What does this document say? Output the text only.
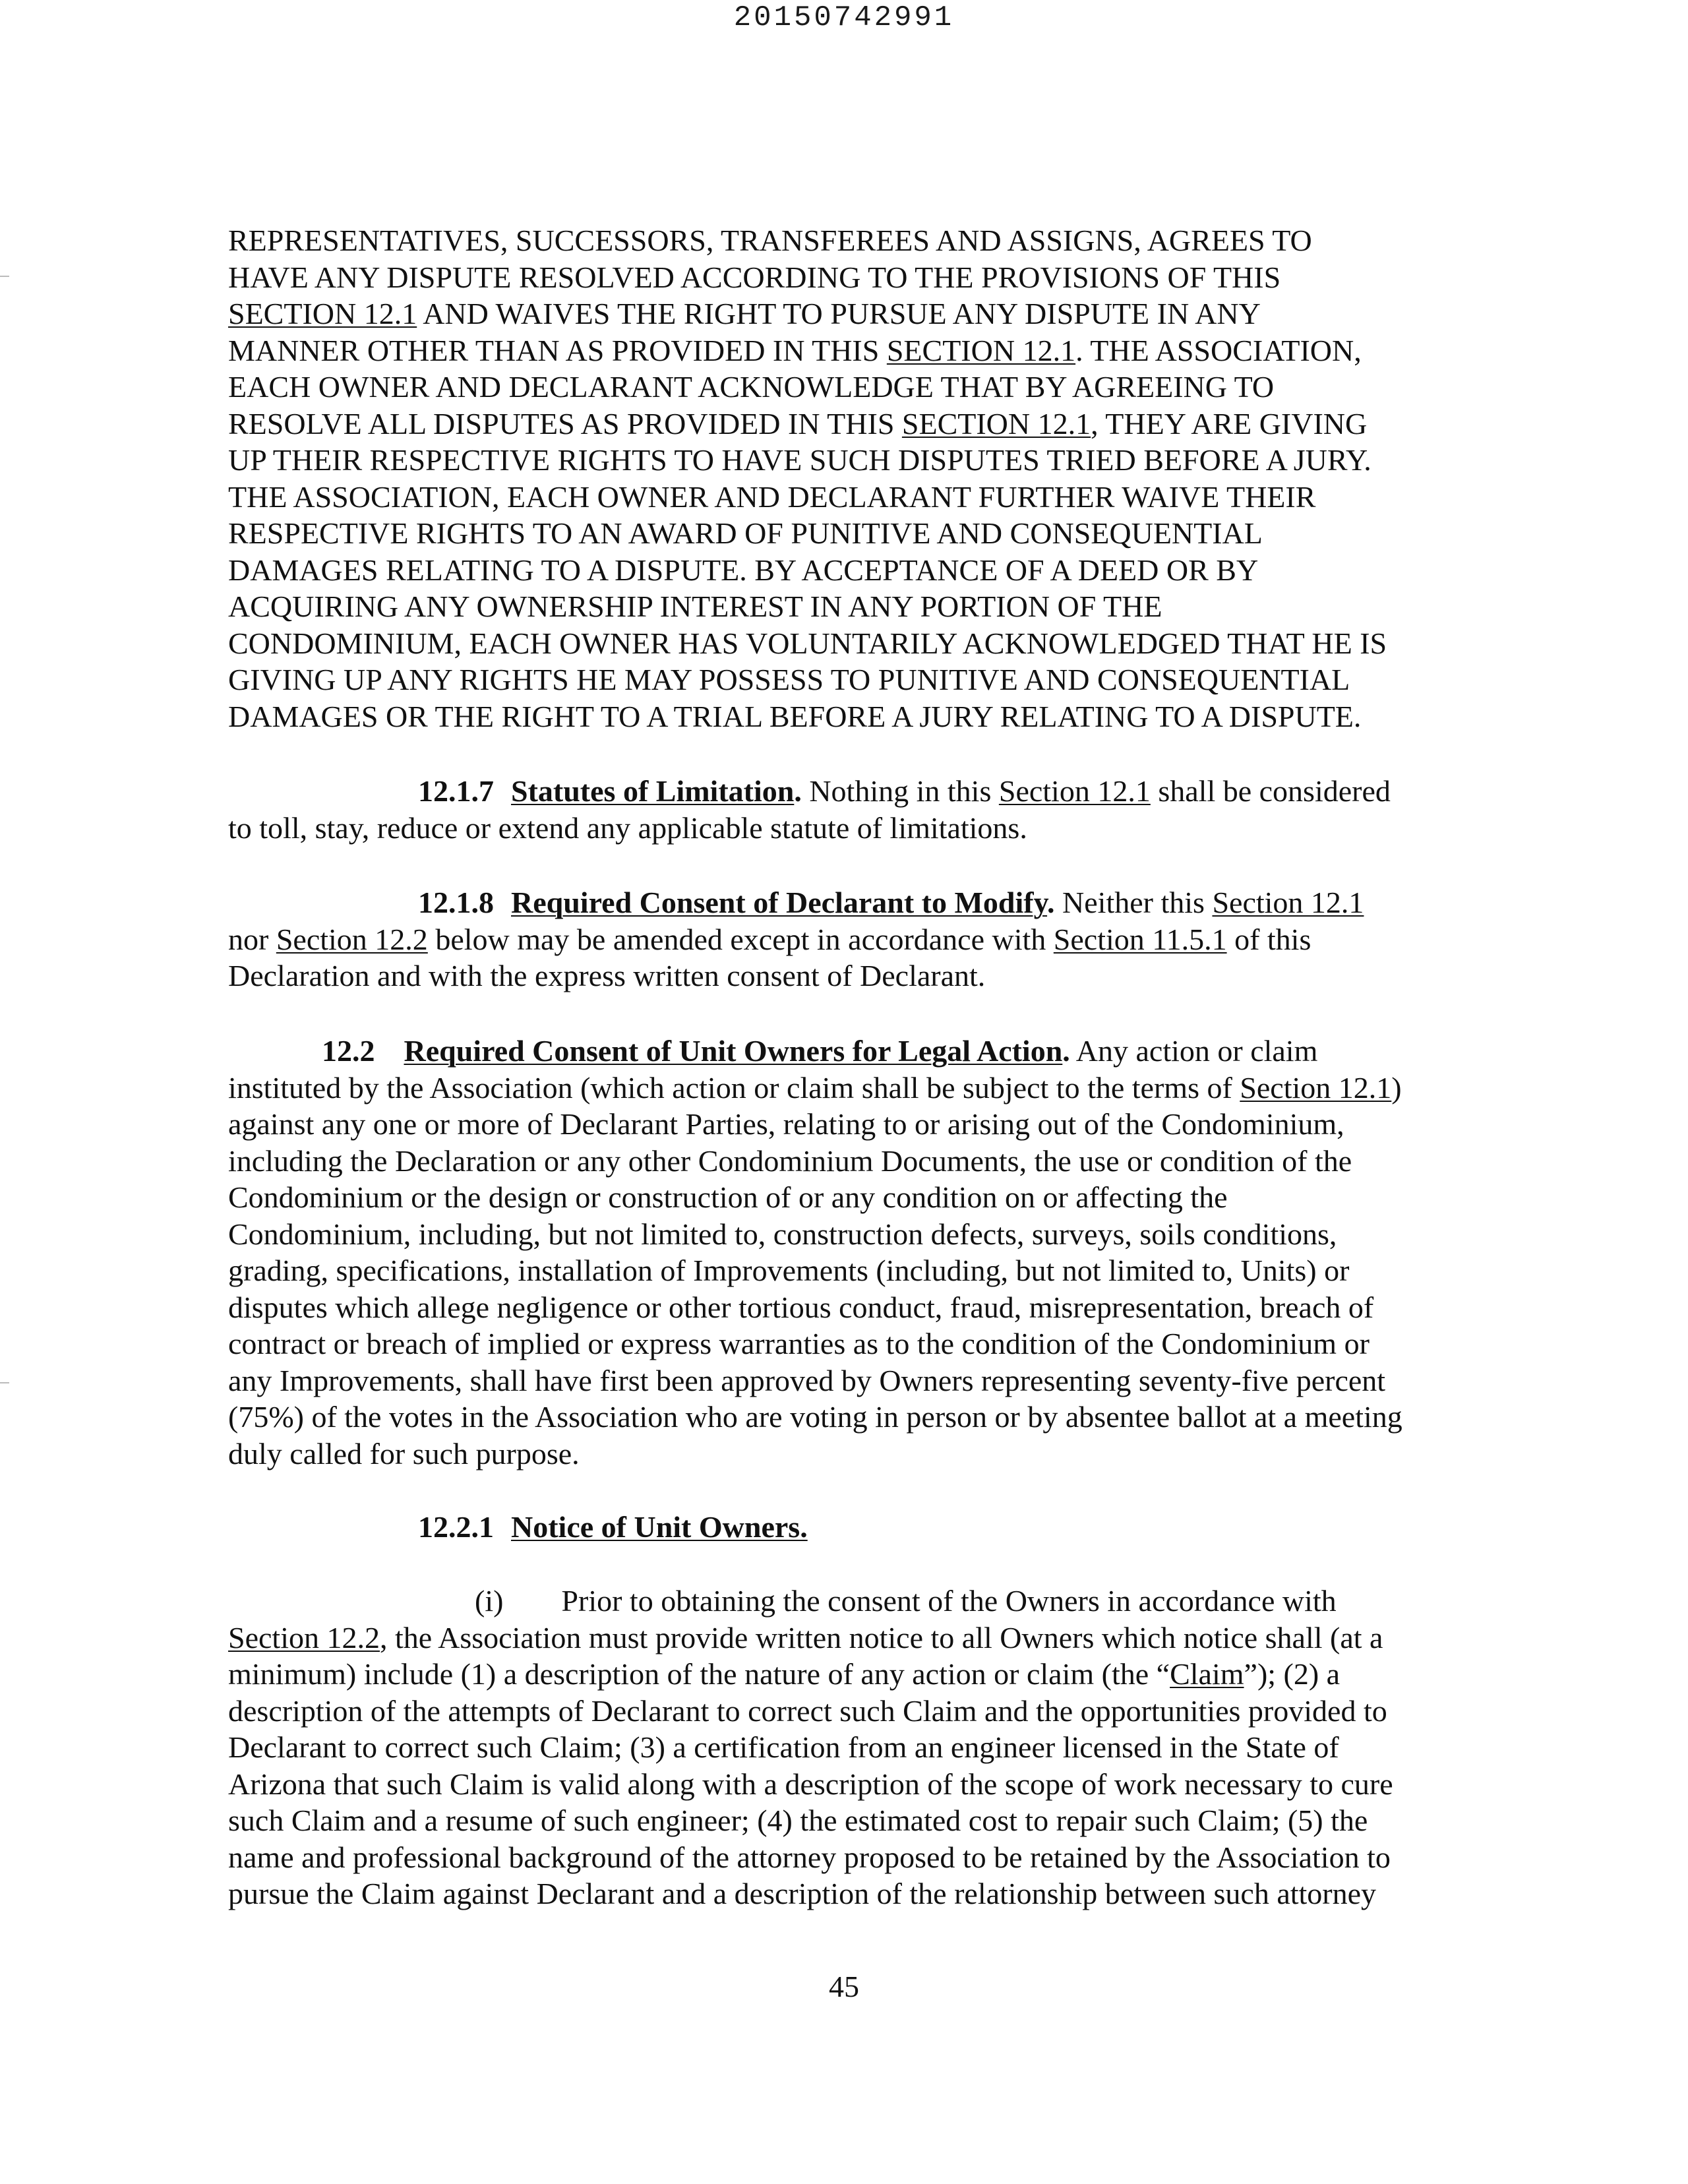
20150742991
REPRESENTATIVES, SUCCESSORS, TRANSFEREES AND ASSIGNS, AGREES TO
HAVE ANY DISPUTE RESOLVED ACCORDING TO THE PROVISIONS OF THIS
SECTION 12.1 AND WAIVES THE RIGHT TO PURSUE ANY DISPUTE IN ANY
MANNER OTHER THAN AS PROVIDED IN THIS SECTION 12.1. THE ASSOCIATION,
EACH OWNER AND DECLARANT ACKNOWLEDGE THAT BY AGREEING TO
RESOLVE ALL DISPUTES AS PROVIDED IN THIS SECTION 12.1, THEY ARE GIVING
UP THEIR RESPECTIVE RIGHTS TO HAVE SUCH DISPUTES TRIED BEFORE A JURY.
THE ASSOCIATION, EACH OWNER AND DECLARANT FURTHER WAIVE THEIR
RESPECTIVE RIGHTS TO AN AWARD OF PUNITIVE AND CONSEQUENTIAL
DAMAGES RELATING TO A DISPUTE. BY ACCEPTANCE OF A DEED OR BY
ACQUIRING ANY OWNERSHIP INTEREST IN ANY PORTION OF THE
CONDOMINIUM, EACH OWNER HAS VOLUNTARILY ACKNOWLEDGED THAT HE IS
GIVING UP ANY RIGHTS HE MAY POSSESS TO PUNITIVE AND CONSEQUENTIAL
DAMAGES OR THE RIGHT TO A TRIAL BEFORE A JURY RELATING TO A DISPUTE.
12.1.7 Statutes of Limitation. Nothing in this Section 12.1 shall be considered
to toll, stay, reduce or extend any applicable statute of limitations.
12.1.8 Required Consent of Declarant to Modify. Neither this Section 12.1
nor Section 12.2 below may be amended except in accordance with Section 11.5.1 of this
Declaration and with the express written consent of Declarant.
12.2 Required Consent of Unit Owners for Legal Action. Any action or claim
instituted by the Association (which action or claim shall be subject to the terms of Section 12.1)
against any one or more of Declarant Parties, relating to or arising out of the Condominium,
including the Declaration or any other Condominium Documents, the use or condition of the
Condominium or the design or construction of or any condition on or affecting the
Condominium, including, but not limited to, construction defects, surveys, soils conditions,
grading, specifications, installation of Improvements (including, but not limited to, Units) or
disputes which allege negligence or other tortious conduct, fraud, misrepresentation, breach of
contract or breach of implied or express warranties as to the condition of the Condominium or
any Improvements, shall have first been approved by Owners representing seventy-five percent
(75%) of the votes in the Association who are voting in person or by absentee ballot at a meeting
duly called for such purpose.
12.2.1 Notice of Unit Owners.
(i) Prior to obtaining the consent of the Owners in accordance with
Section 12.2, the Association must provide written notice to all Owners which notice shall (at a
minimum) include (1) a description of the nature of any action or claim (the “Claim”); (2) a
description of the attempts of Declarant to correct such Claim and the opportunities provided to
Declarant to correct such Claim; (3) a certification from an engineer licensed in the State of
Arizona that such Claim is valid along with a description of the scope of work necessary to cure
such Claim and a resume of such engineer; (4) the estimated cost to repair such Claim; (5) the
name and professional background of the attorney proposed to be retained by the Association to
pursue the Claim against Declarant and a description of the relationship between such attorney
45
